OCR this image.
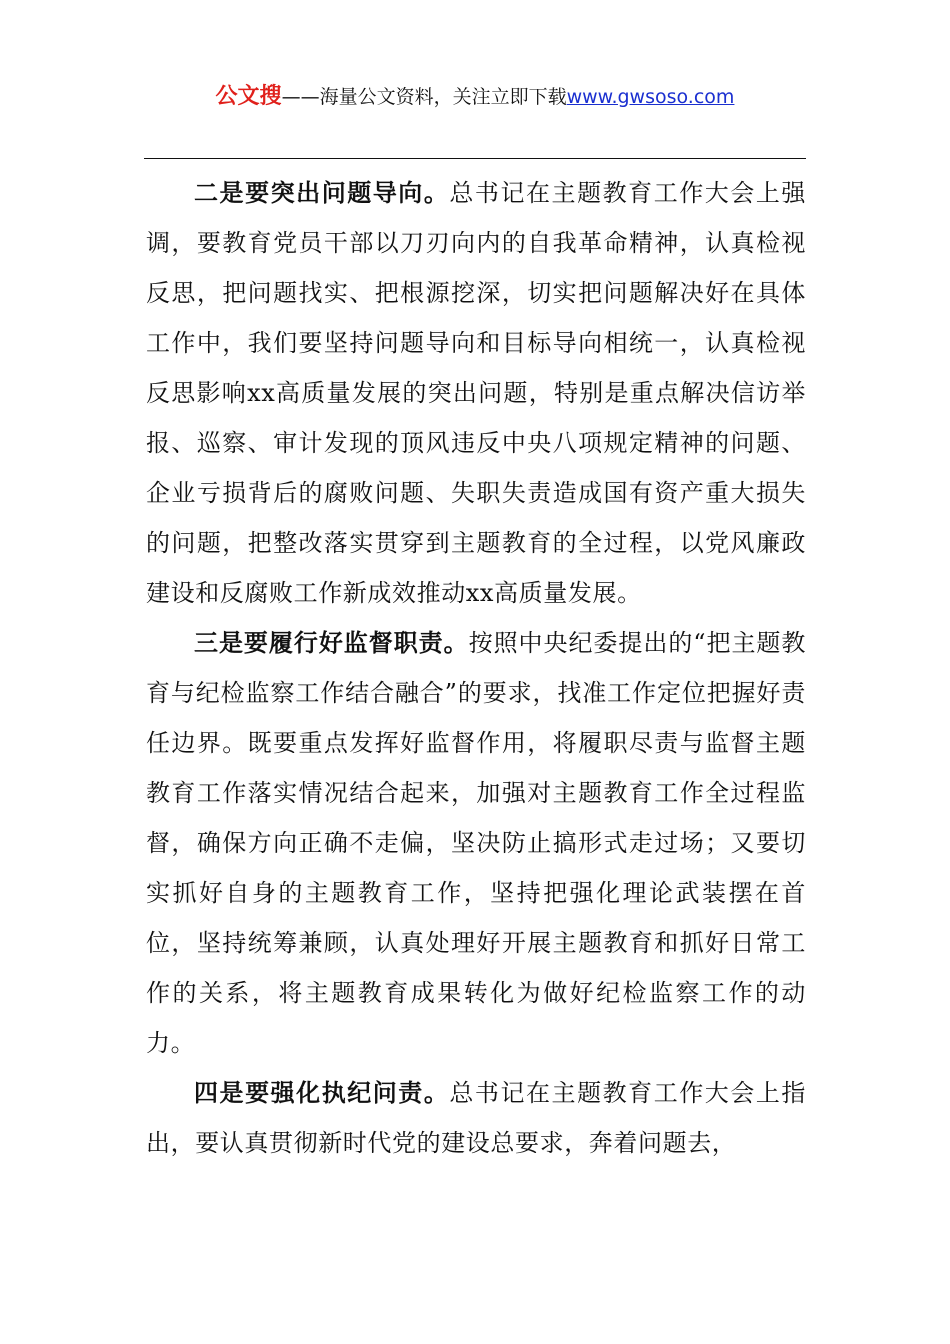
公文搜——海量公文资料，关注立即下载www.gwsoso.com

二是要突出问题导向。总书记在主题教育工作大会上强调，要教育党员干部以刀刃向内的自我革命精神，认真检视反思，把问题找实、把根源挖深，切实把问题解决好在具体工作中，我们要坚持问题导向和目标导向相统一，认真检视反思影响xx高质量发展的突出问题，特别是重点解决信访举报、巡察、审计发现的顶风违反中央八项规定精神的问题、企业亏损背后的腐败问题、失职失责造成国有资产重大损失的问题，把整改落实贯穿到主题教育的全过程，以党风廉政建设和反腐败工作新成效推动xx高质量发展。

三是要履行好监督职责。按照中央纪委提出的“把主题教育与纪检监察工作结合融合”的要求，找准工作定位把握好责任边界。既要重点发挥好监督作用，将履职尽责与监督主题教育工作落实情况结合起来，加强对主题教育工作全过程监督，确保方向正确不走偏，坚决防止搞形式走过场；又要切实抓好自身的主题教育工作，坚持把强化理论武装摆在首位，坚持统筹兼顾，认真处理好开展主题教育和抓好日常工作的关系，将主题教育成果转化为做好纪检监察工作的动力。

四是要强化执纪问责。总书记在主题教育工作大会上指出，要认真贯彻新时代党的建设总要求，奔着问题去，
